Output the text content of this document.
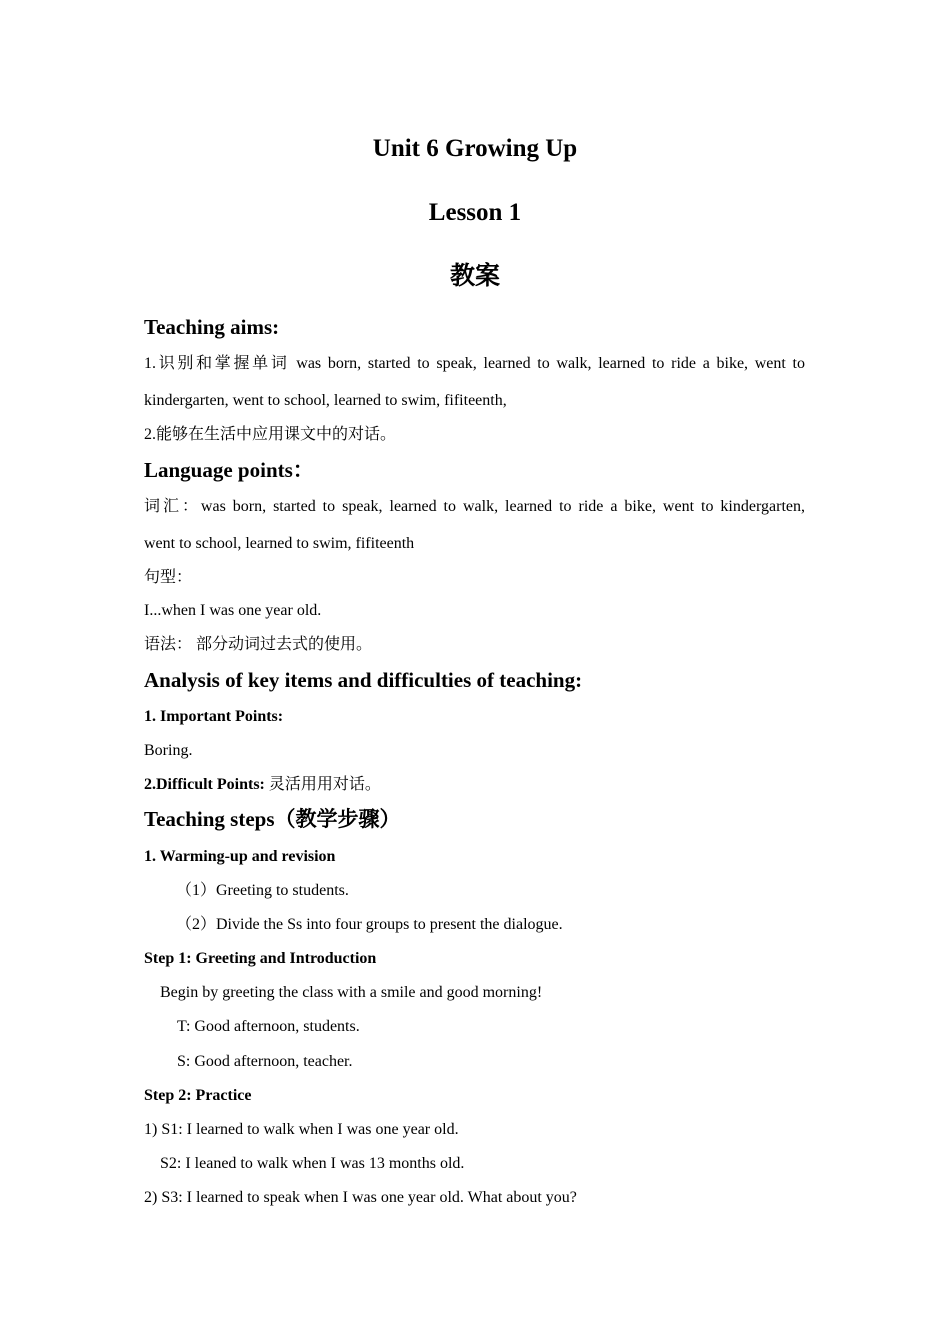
Unit 6 Growing Up
Lesson 1
教案
Teaching aims:
1.识别和掌握单词 was born, started to speak, learned to walk, learned to ride a bike, went to
kindergarten, went to school, learned to swim, fifiteenth,
2.能够在生活中应用课文中的对话。
Language points：
词汇：was born, started to speak, learned to walk, learned to ride a bike, went to kindergarten,
went to school, learned to swim, fifiteenth
句型：
I...when I was one year old.
语法： 部分动词过去式的使用。
Analysis of key items and difficulties of teaching:
1. Important Points:
Boring.
2.Difficult Points: 灵活用用对话。
Teaching steps（教学步骤）
1. Warming-up and revision
（1）Greeting to students.
（2）Divide the Ss into four groups to present the dialogue.
Step 1: Greeting and Introduction
Begin by greeting the class with a smile and good morning!
T: Good afternoon, students.
S: Good afternoon, teacher.
Step 2: Practice
1) S1: I learned to walk when I was one year old.
S2: I leaned to walk when I was 13 months old.
2) S3: I learned to speak when I was one year old. What about you?
